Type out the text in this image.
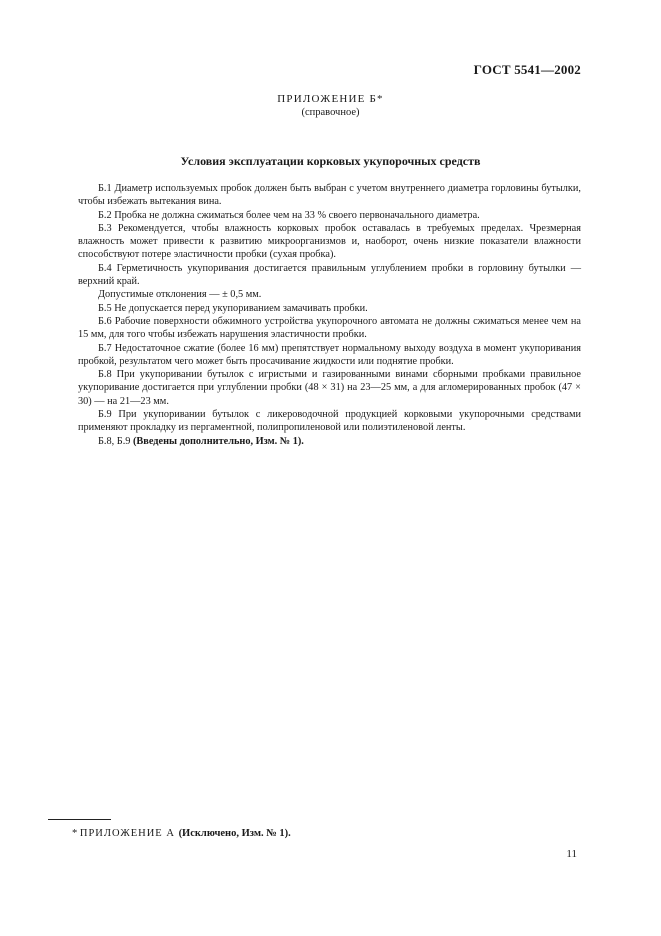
ГОСТ 5541—2002
ПРИЛОЖЕНИЕ Б*
(справочное)
Условия эксплуатации корковых укупорочных средств

Б.1 Диаметр используемых пробок должен быть выбран с учетом внутреннего диаметра горловины бутылки, чтобы избежать вытекания вина.

Б.2 Пробка не должна сжиматься более чем на 33 % своего первоначального диаметра.

Б.3 Рекомендуется, чтобы влажность корковых пробок оставалась в требуемых пределах. Чрезмерная влажность может привести к развитию микроорганизмов и, наоборот, очень низкие показатели влажности способствуют потере эластичности пробки (сухая пробка).

Б.4 Герметичность укупоривания достигается правильным углублением пробки в горловину бутылки — верхний край.

Допустимые отклонения — ± 0,5 мм.

Б.5 Не допускается перед укупориванием замачивать пробки.

Б.6 Рабочие поверхности обжимного устройства укупорочного автомата не должны сжиматься менее чем на 15 мм, для того чтобы избежать нарушения эластичности пробки.

Б.7 Недостаточное сжатие (более 16 мм) препятствует нормальному выходу воздуха в момент укупоривания пробкой, результатом чего может быть просачивание жидкости или поднятие пробки.

Б.8 При укупоривании бутылок с игристыми и газированными винами сборными пробками правильное укупоривание достигается при углублении пробки (48 × 31) на 23—25 мм, а для агломерированных пробок (47 × 30) — на 21—23 мм.

Б.9 При укупоривании бутылок с ликероводочной продукцией корковыми укупорочными средствами применяют прокладку из пергаментной, полипропиленовой или полиэтиленовой ленты.

Б.8, Б.9 (Введены дополнительно, Изм. № 1).

* ПРИЛОЖЕНИЕ А (Исключено, Изм. № 1).
11
